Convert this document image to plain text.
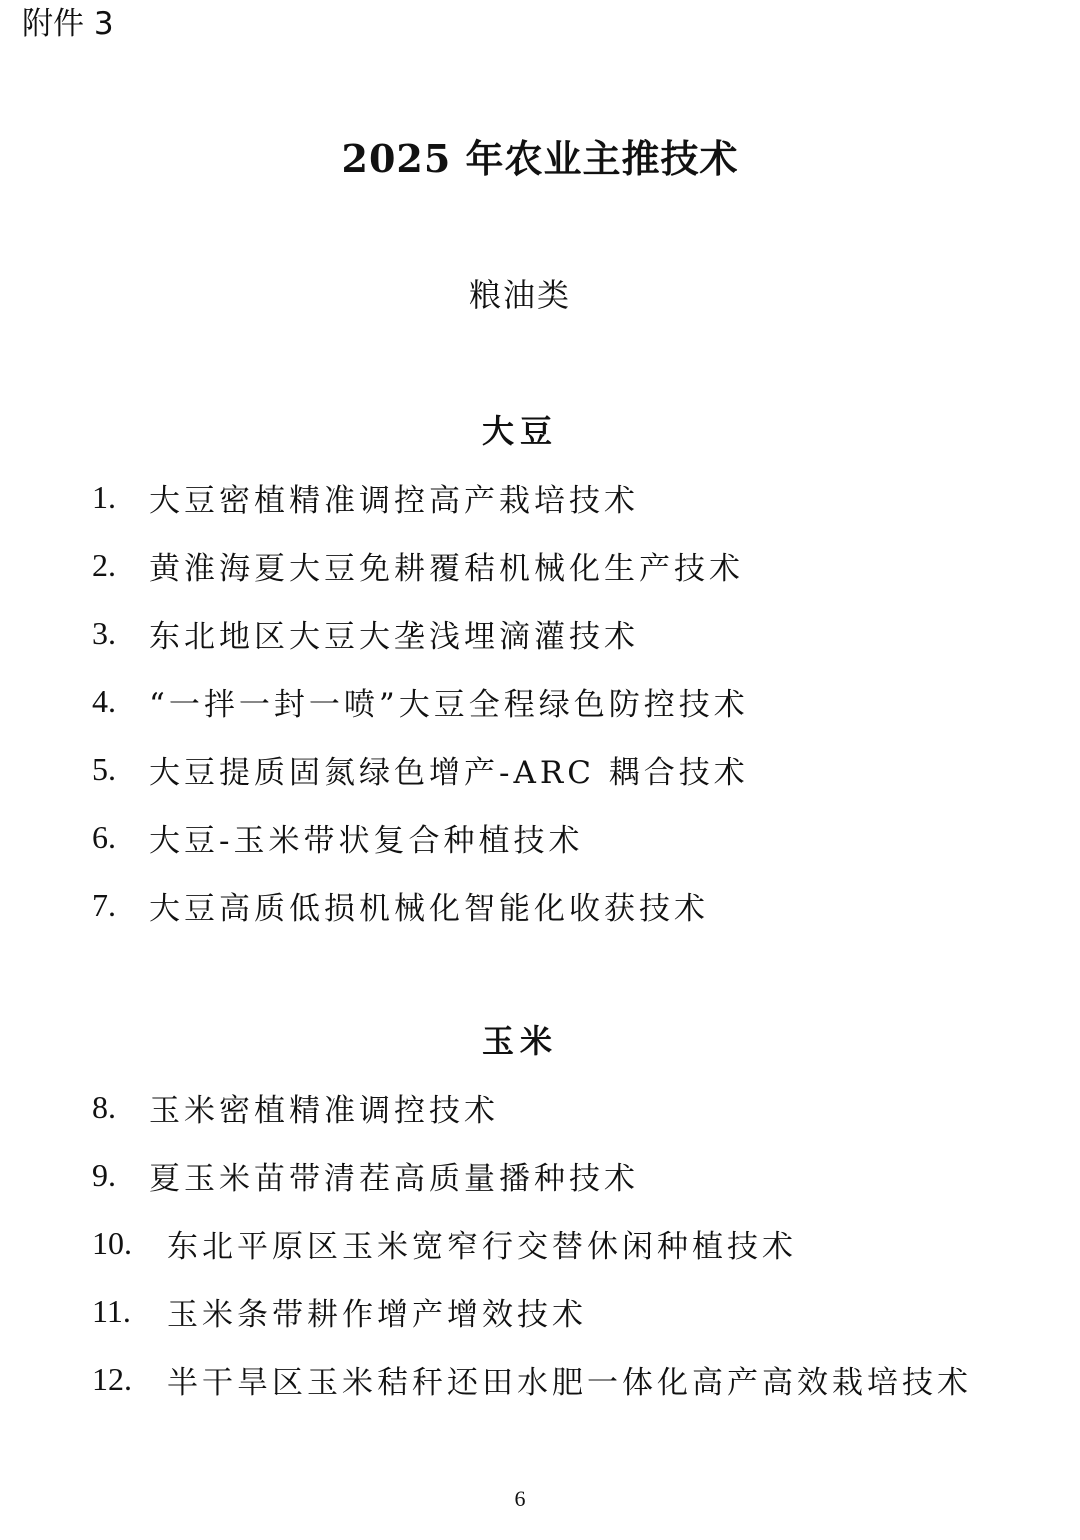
附件 3
2025 年农业主推技术
粮油类
大豆
1.	大豆密植精准调控高产栽培技术
2.	黄淮海夏大豆免耕覆秸机械化生产技术
3.	东北地区大豆大垄浅埋滴灌技术
4.	“一拌一封一喷”大豆全程绿色防控技术
5.	大豆提质固氮绿色增产-ARC 耦合技术
6.	大豆-玉米带状复合种植技术
7.	大豆高质低损机械化智能化收获技术
玉米
8.	玉米密植精准调控技术
9.	夏玉米苗带清茬高质量播种技术
10.	东北平原区玉米宽窄行交替休闲种植技术
11.	玉米条带耕作增产增效技术
12.	半干旱区玉米秸秆还田水肥一体化高产高效栽培技术
6
